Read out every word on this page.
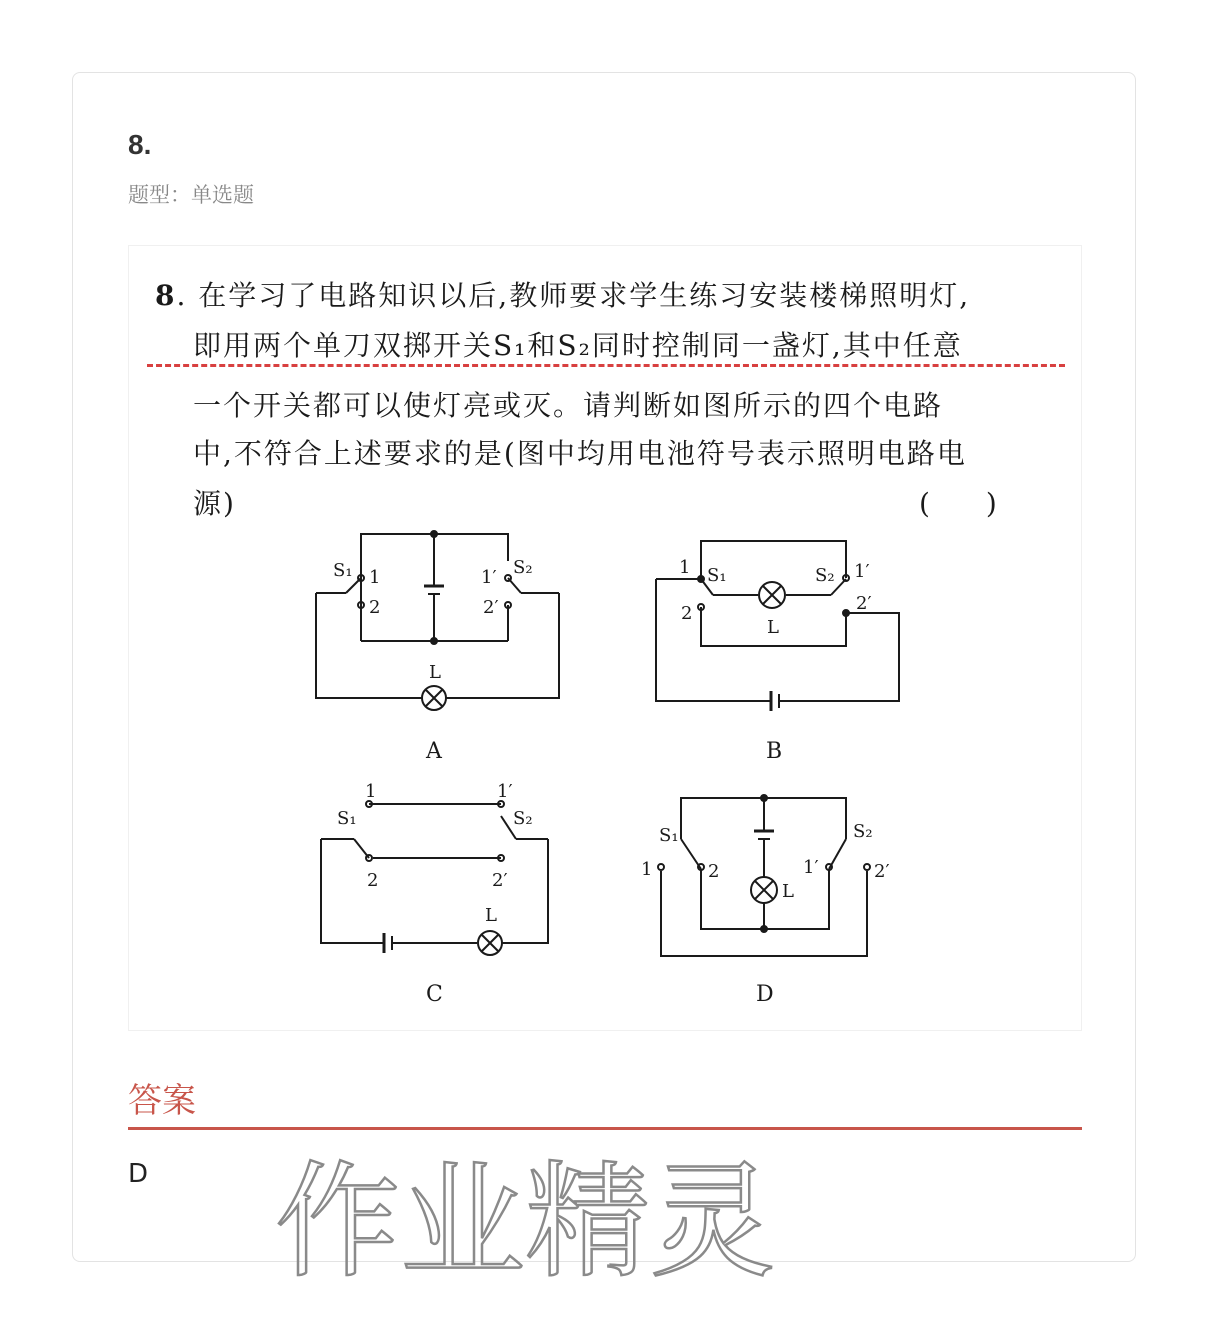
8.
题型：单选题
8. 在学习了电路知识以后,教师要求学生练习安装楼梯照明灯,
即用两个单刀双掷开关S₁和S₂同时控制同一盏灯,其中任意
一个开关都可以使灯亮或灭。请判断如图所示的四个电路
中,不符合上述要求的是(图中均用电池符号表示照明电路电
源)	(　　)
S₁ 1
2
1′
2′
S₂
L
A
1 S₁
2
S₂ 1′
2′
L
B
1
S₁
2
1′
S₂
2′
L
C
S₁
1	2
S₂
1′	2′
L
D
答案
D 作业精灵
